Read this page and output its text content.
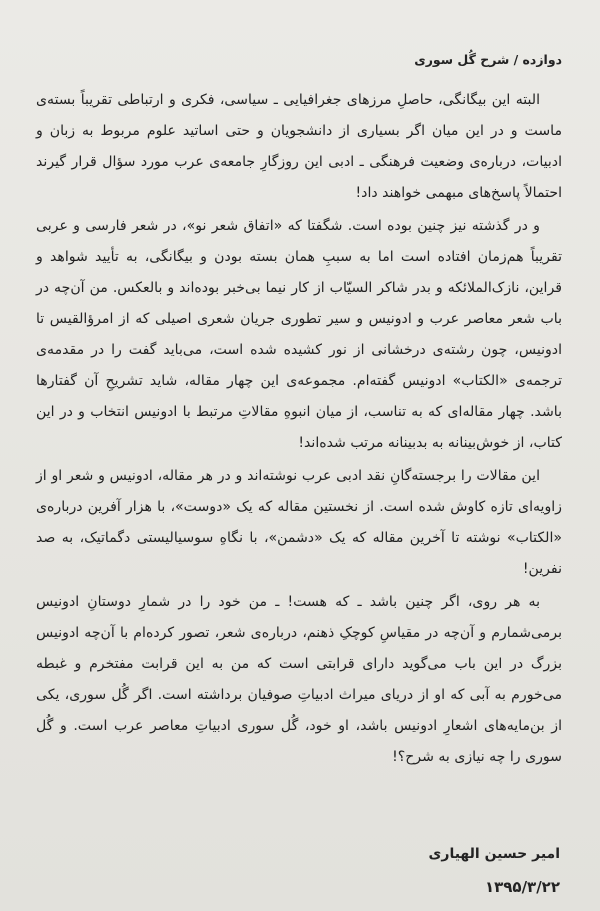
دوازده / شرح گُل سوری

البته این بیگانگی، حاصلِ مرزهای جغرافیایی ـ سیاسی، فکری و ارتباطی تقریباً بسته‌ی ماست و در این میان اگر بسیاری از دانشجویان و حتی اساتید علوم مربوط به زبان و ادبیات، درباره‌ی وضعیت فرهنگی ـ ادبی این روزگارِ جامعه‌ی عرب مورد سؤال قرار گیرند احتمالاً پاسخ‌های مبهمی خواهند داد!

و در گذشته نیز چنین بوده است. شگفتا که «اتفاق شعر نو»، در شعر فارسی و عربی تقریباً هم‌زمان افتاده است اما به سببِ همان بسته بودن و بیگانگی، به تأیید شواهد و قراین، نازک‌الملائکه و بدر شاکر السیّاب از کار نیما بی‌خبر بوده‌اند و بالعکس. من آن‌چه در باب شعر معاصر عرب و ادونیس و سیر تطوری جریان شعری اصیلی که از امرؤالقیس تا ادونیس، چون رشته‌ی درخشانی از نور کشیده شده است، می‌باید گفت را در مقدمه‌ی ترجمه‌ی «الکتاب» ادونیس گفته‌ام. مجموعه‌ی این چهار مقاله، شاید تشریحِ آن گفتارها باشد. چهار مقاله‌ای که به تناسب، از میان انبوهِ مقالاتِ مرتبط با ادونیس انتخاب و در این کتاب، از خوش‌بینانه به بدبینانه مرتب شده‌اند!

این مقالات را برجسته‌گانِ نقد ادبی عرب نوشته‌اند و در هر مقاله، ادونیس و شعر او از زاویه‌ای تازه کاوش شده است. از نخستین مقاله که یک «دوست»، با هزار آفرین درباره‌ی «الکتاب» نوشته تا آخرین مقاله که یک «دشمن»، با نگاهِ سوسیالیستی دگماتیک، به صد نفرین!

به هر روی، اگر چنین باشد ـ که هست! ـ من خود را در شمارِ دوستانِ ادونیس برمی‌شمارم و آن‌چه در مقیاسِ کوچکِ ذهنم، درباره‌ی شعر، تصور کرده‌ام با آن‌چه ادونیس بزرگ در این باب می‌گوید دارای قرابتی است که من به این قرابت مفتخرم و غبطه می‌خورم به آبی که او از دریای میراث ادبیاتِ صوفیان برداشته است. اگر گُل سوری، یکی از بن‌مایه‌های اشعارِ ادونیس باشد، او خود، گُل سوری ادبیاتِ معاصر عرب است. و گُل سوری را چه نیازی به شرح؟!

امیر حسین الهیاری
۱۳۹۵/۳/۲۲
